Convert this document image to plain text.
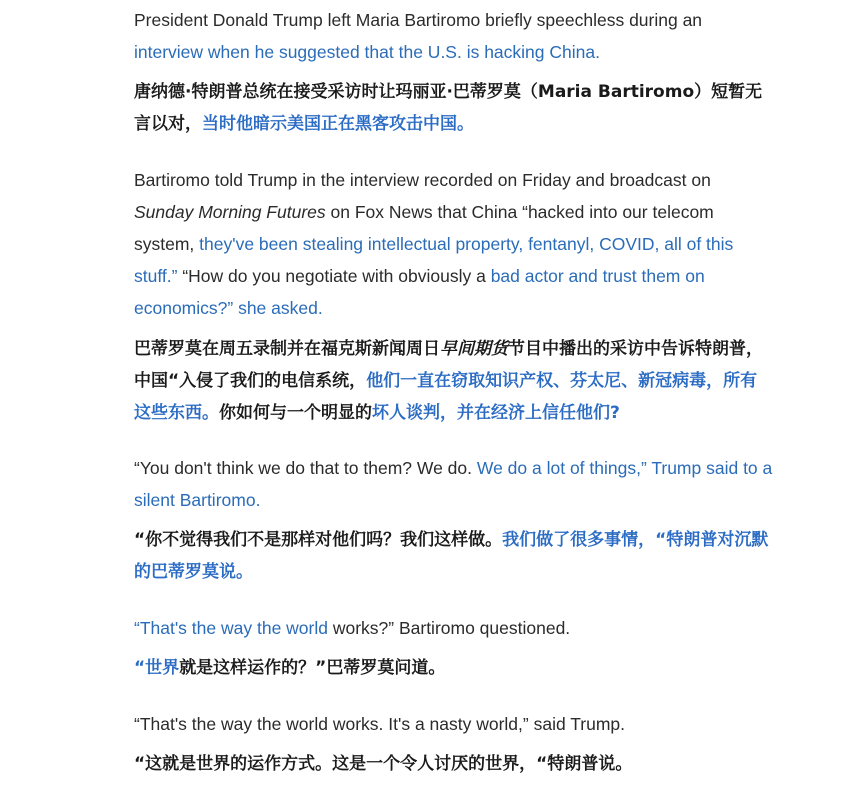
President Donald Trump left Maria Bartiromo briefly speechless during an interview when he suggested that the U.S. is hacking China.

唐纳德·特朗普总统在接受采访时让玛丽亚·巴蒂罗莫（Maria Bartiromo）短暂无言以对，当时他暗示美国正在黑客攻击中国。

Bartiromo told Trump in the interview recorded on Friday and broadcast on Sunday Morning Futures on Fox News that China “hacked into our telecom system, they've been stealing intellectual property, fentanyl, COVID, all of this stuff.” “How do you negotiate with obviously a bad actor and trust them on economics?” she asked.

巴蒂罗莫在周五录制并在福克斯新闻周日早间期货节目中播出的采访中告诉特朗普，中国“入侵了我们的电信系统，他们一直在窃取知识产权、芬太尼、新冠病毒，所有这些东西。你如何与一个明显的坏人谈判，并在经济上信任他们?

“You don't think we do that to them? We do. We do a lot of things,” Trump said to a silent Bartiromo.

“你不觉得我们不是那样对他们吗？我们这样做。我们做了很多事情，“特朗普对沉默的巴蒂罗莫说。

“That's the way the world works?” Bartiromo questioned.

“世界就是这样运作的？”巴蒂罗莫问道。

“That's the way the world works. It's a nasty world,” said Trump.

“这就是世界的运作方式。这是一个令人讨厌的世界，“特朗普说。
